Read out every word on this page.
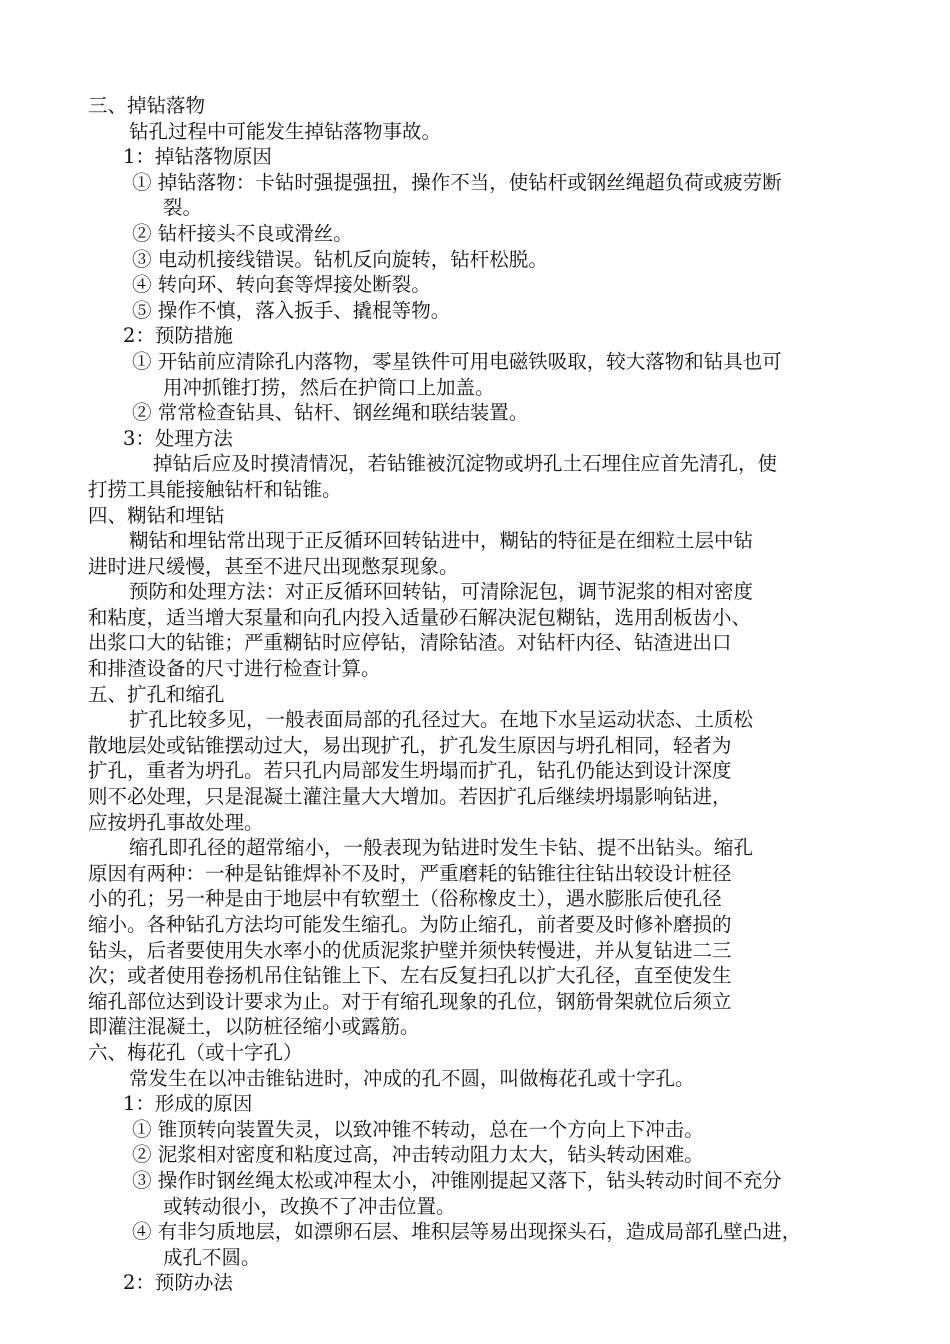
三、掉钻落物
钻孔过程中可能发生掉钻落物事故。
1：掉钻落物原因
① 掉钻落物：卡钻时强提强扭，操作不当，使钻杆或钢丝绳超负荷或疲劳断
裂。
② 钻杆接头不良或滑丝。
③ 电动机接线错误。钻机反向旋转，钻杆松脱。
④ 转向环、转向套等焊接处断裂。
⑤ 操作不慎，落入扳手、撬棍等物。
2：预防措施
① 开钻前应清除孔内落物，零星铁件可用电磁铁吸取，较大落物和钻具也可
用冲抓锥打捞，然后在护筒口上加盖。
② 常常检查钻具、钻杆、钢丝绳和联结装置。
3：处理方法
掉钻后应及时摸清情况，若钻锥被沉淀物或坍孔土石埋住应首先清孔，使
打捞工具能接触钻杆和钻锥。
四、糊钻和埋钻
糊钻和埋钻常出现于正反循环回转钻进中，糊钻的特征是在细粒土层中钻
进时进尺缓慢，甚至不进尺出现憋泵现象。
预防和处理方法：对正反循环回转钻，可清除泥包，调节泥浆的相对密度
和粘度，适当增大泵量和向孔内投入适量砂石解决泥包糊钻，选用刮板齿小、
出浆口大的钻锥；严重糊钻时应停钻，清除钻渣。对钻杆内径、钻渣进出口
和排渣设备的尺寸进行检查计算。
五、扩孔和缩孔
扩孔比较多见，一般表面局部的孔径过大。在地下水呈运动状态、土质松
散地层处或钻锥摆动过大，易出现扩孔，扩孔发生原因与坍孔相同，轻者为
扩孔，重者为坍孔。若只孔内局部发生坍塌而扩孔，钻孔仍能达到设计深度
则不必处理，只是混凝土灌注量大大增加。若因扩孔后继续坍塌影响钻进，
应按坍孔事故处理。
缩孔即孔径的超常缩小，一般表现为钻进时发生卡钻、提不出钻头。缩孔
原因有两种：一种是钻锥焊补不及时，严重磨耗的钻锥往往钻出较设计桩径
小的孔；另一种是由于地层中有软塑土（俗称橡皮土），遇水膨胀后使孔径
缩小。各种钻孔方法均可能发生缩孔。为防止缩孔，前者要及时修补磨损的
钻头，后者要使用失水率小的优质泥浆护壁并须快转慢进，并从复钻进二三
次；或者使用卷扬机吊住钻锥上下、左右反复扫孔以扩大孔径，直至使发生
缩孔部位达到设计要求为止。对于有缩孔现象的孔位，钢筋骨架就位后须立
即灌注混凝土，以防桩径缩小或露筋。
六、梅花孔（或十字孔）
常发生在以冲击锥钻进时，冲成的孔不圆，叫做梅花孔或十字孔。
1：形成的原因
① 锥顶转向装置失灵，以致冲锥不转动，总在一个方向上下冲击。
② 泥浆相对密度和粘度过高，冲击转动阻力太大，钻头转动困难。
③ 操作时钢丝绳太松或冲程太小，冲锥刚提起又落下，钻头转动时间不充分
或转动很小，改换不了冲击位置。
④ 有非匀质地层，如漂卵石层、堆积层等易出现探头石，造成局部孔壁凸进，
成孔不圆。
2：预防办法
